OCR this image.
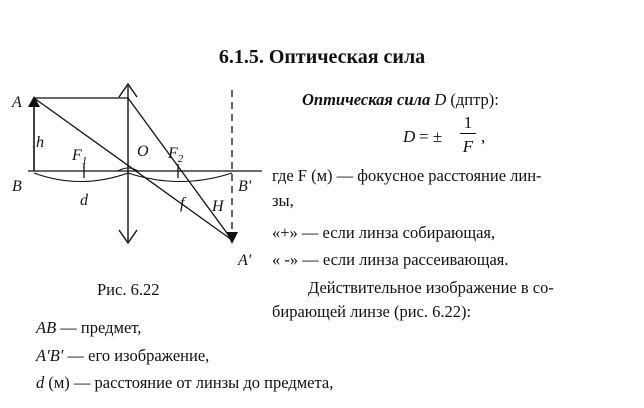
6.1.5. Оптическая сила
Оптическая сила D (дптр):
D = ±
1
F
,
где F (м) — фокусное расстояние лин-
зы,
«+» — если линза собирающая,
« -» — если линза рассеивающая.
Действительное изображение в со-
бирающей линзе (рис. 6.22):
Рис. 6.22
AB — предмет,
A′B′ — его изображение,
d (м) — расстояние от линзы до предмета,
A
h
B
$F_1$
O $F_2$
d	f H
B′
A′
